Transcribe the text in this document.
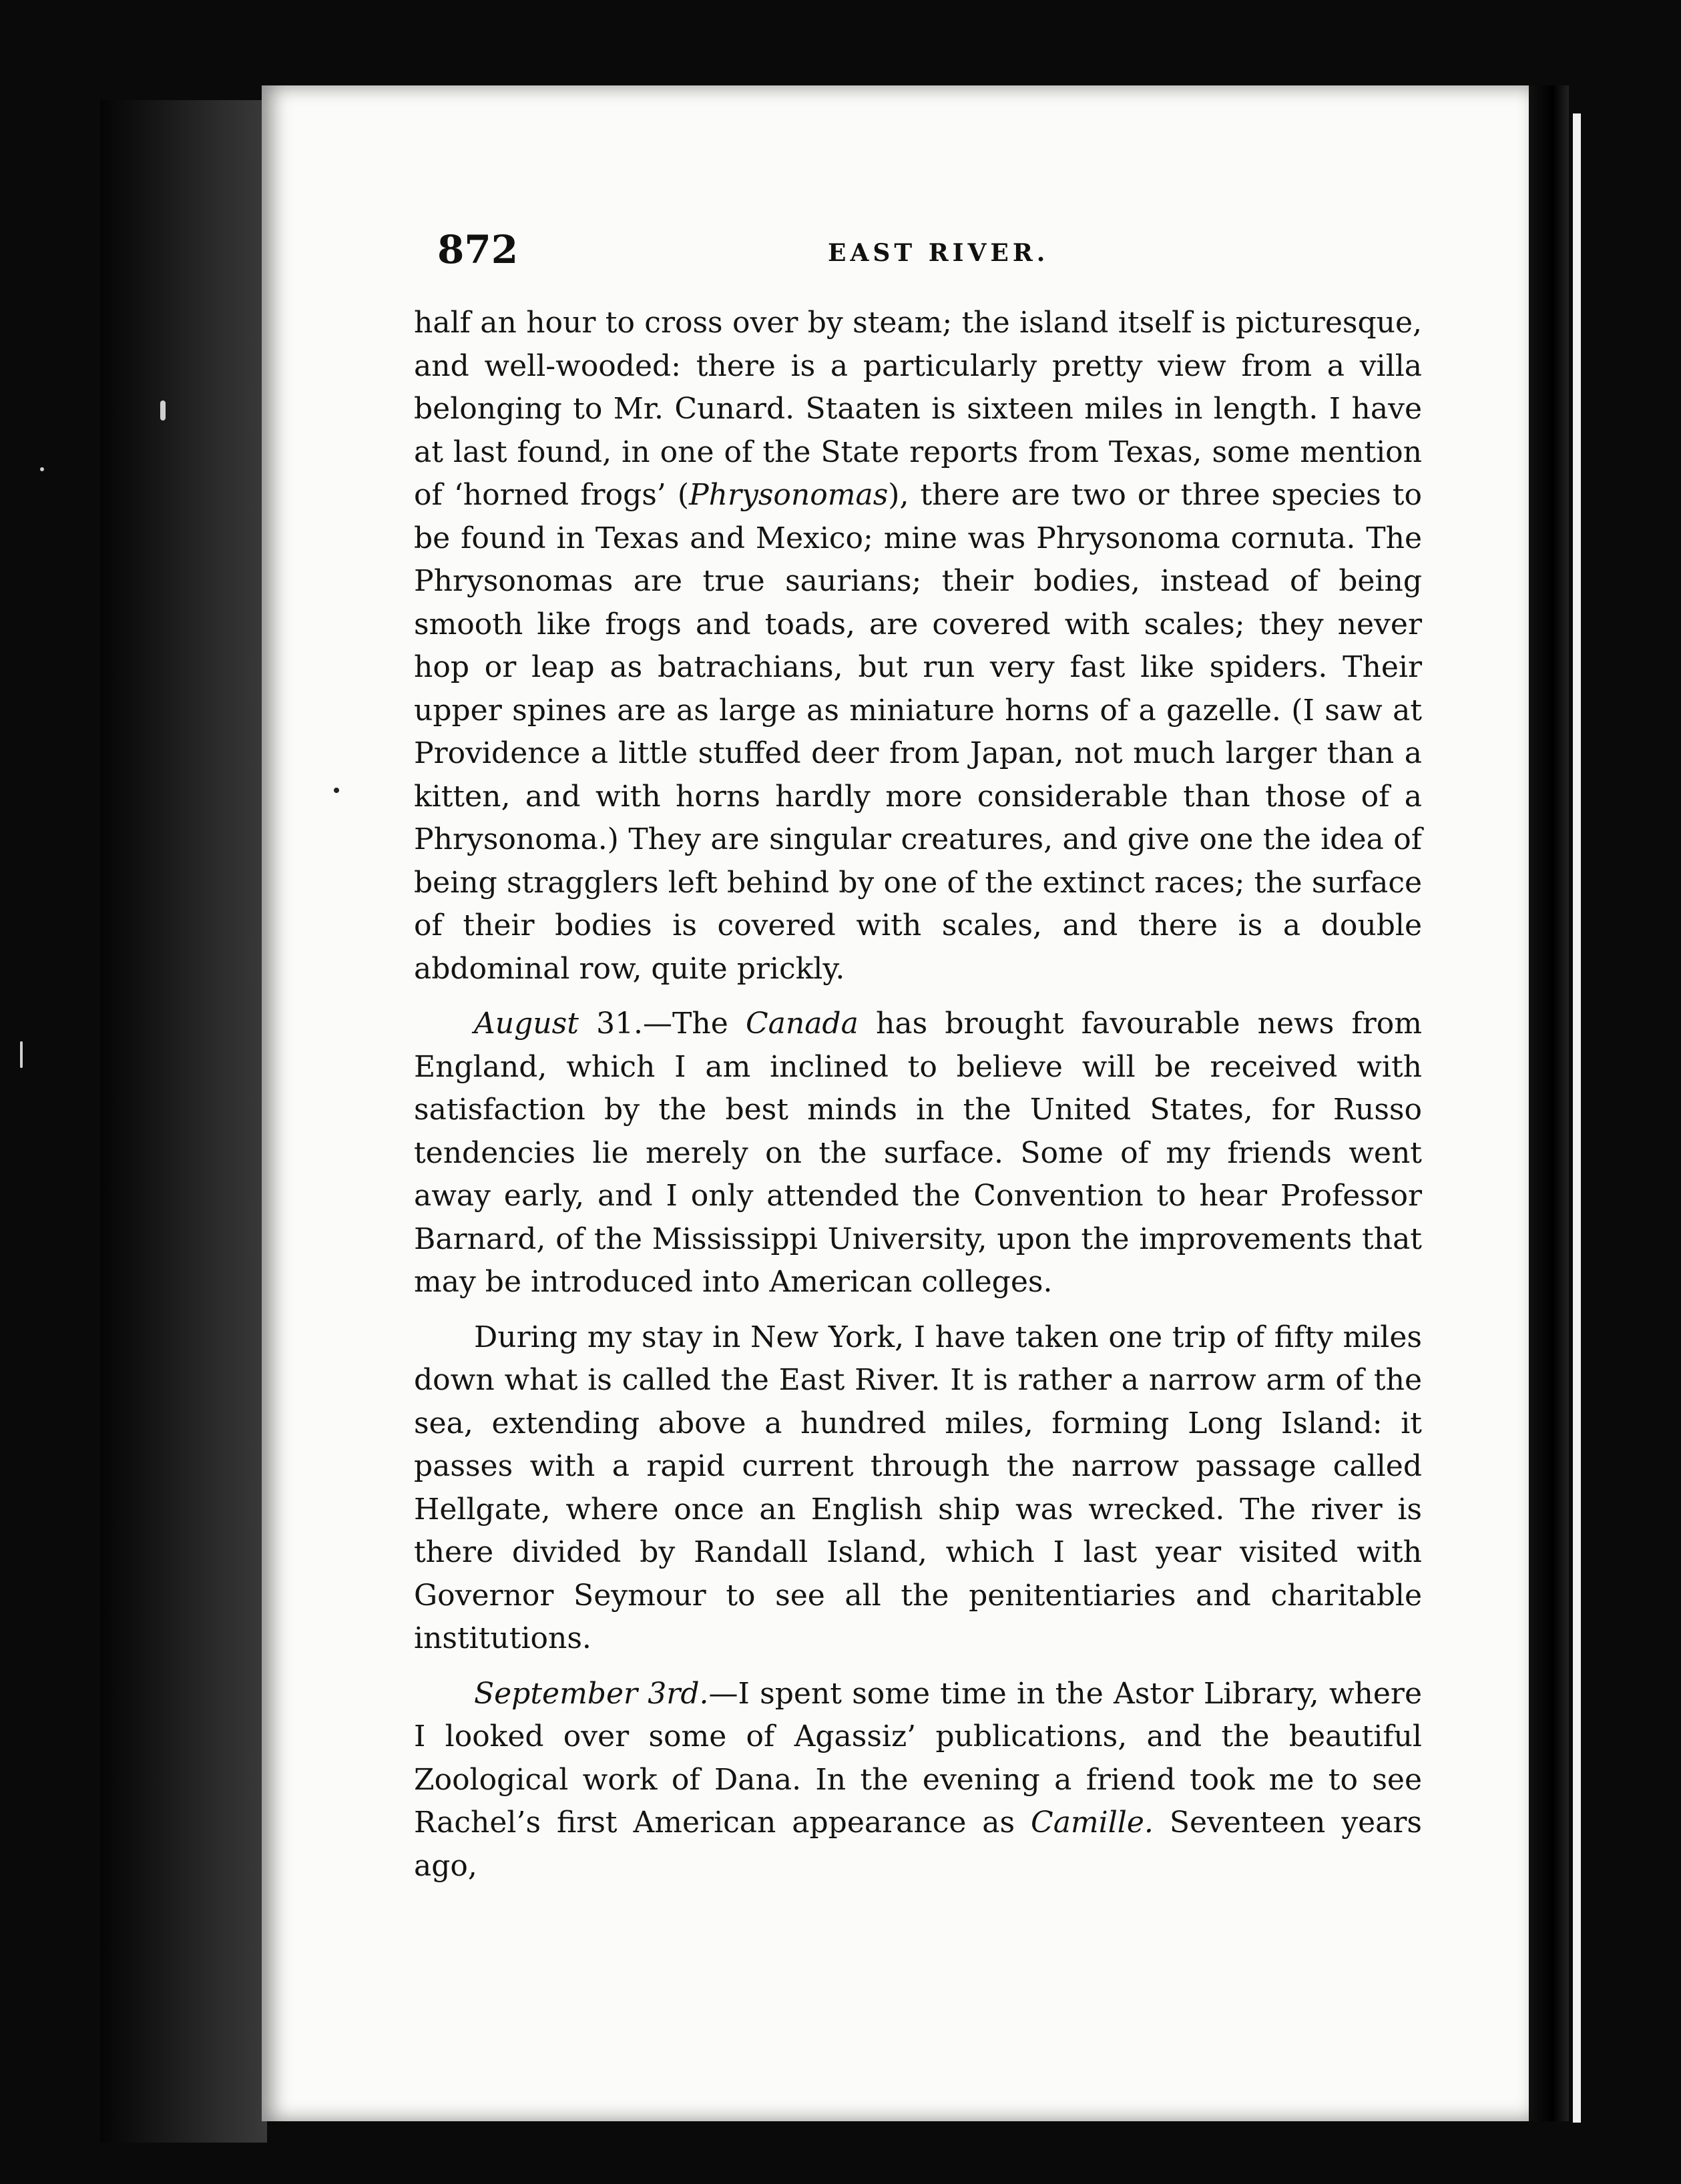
872	EAST RIVER.

half an hour to cross over by steam; the island itself is picturesque, and well-wooded: there is a particularly pretty view from a villa belonging to Mr. Cunard. Staaten is sixteen miles in length. I have at last found, in one of the State reports from Texas, some mention of ‘horned frogs’ (Phrysonomas), there are two or three species to be found in Texas and Mexico; mine was Phrysonoma cornuta. The Phrysonomas are true saurians; their bodies, instead of being smooth like frogs and toads, are covered with scales; they never hop or leap as batrachians, but run very fast like spiders. Their upper spines are as large as miniature horns of a gazelle. (I saw at Providence a little stuffed deer from Japan, not much larger than a kitten, and with horns hardly more considerable than those of a Phrysonoma.) They are singular creatures, and give one the idea of being stragglers left behind by one of the extinct races; the surface of their bodies is covered with scales, and there is a double abdominal row, quite prickly.

August 31.—The Canada has brought favourable news from England, which I am inclined to believe will be received with satisfaction by the best minds in the United States, for Russo tendencies lie merely on the surface. Some of my friends went away early, and I only attended the Convention to hear Professor Barnard, of the Mississippi University, upon the improvements that may be introduced into American colleges.

During my stay in New York, I have taken one trip of fifty miles down what is called the East River. It is rather a narrow arm of the sea, extending above a hundred miles, forming Long Island: it passes with a rapid current through the narrow passage called Hellgate, where once an English ship was wrecked. The river is there divided by Randall Island, which I last year visited with Governor Seymour to see all the penitentiaries and charitable institutions.

September 3rd.—I spent some time in the Astor Library, where I looked over some of Agassiz’ publications, and the beautiful Zoological work of Dana. In the evening a friend took me to see Rachel’s first American appearance as Camille. Seventeen years ago,
